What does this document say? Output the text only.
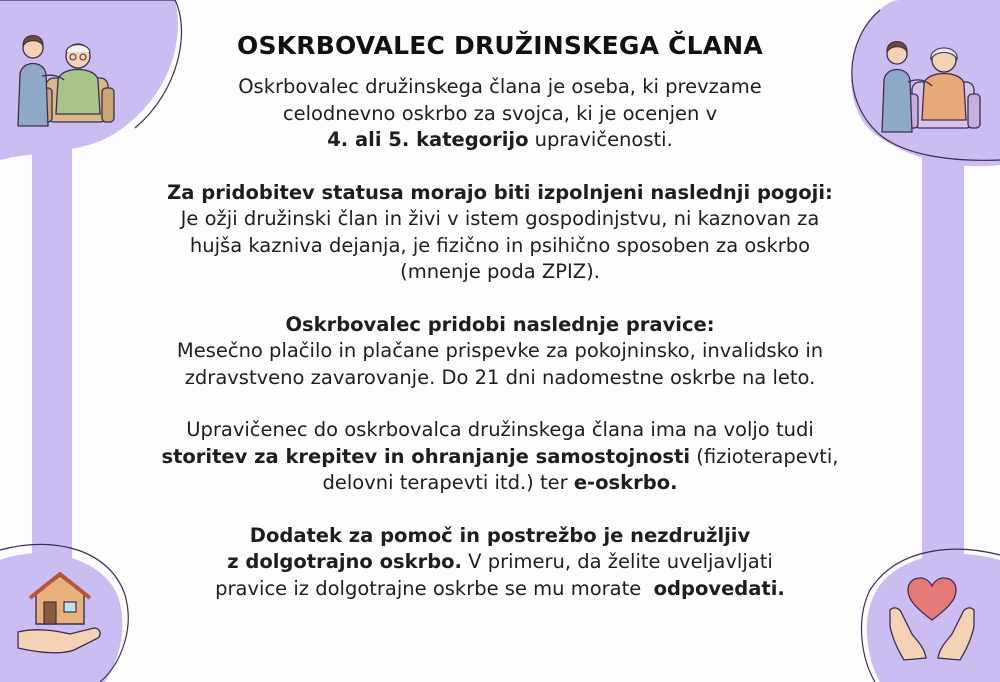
OSKRBOVALEC DRUŽINSKEGA ČLANA

Oskrbovalec družinskega člana je oseba, ki prevzame

celodnevno oskrbo za svojca, ki je ocenjen v

4. ali 5. kategorijo upravičenosti.

Za pridobitev statusa morajo biti izpolnjeni naslednji pogoji:

Je ožji družinski član in živi v istem gospodinjstvu, ni kaznovan za

hujša kazniva dejanja, je fizično in psihično sposoben za oskrbo

(mnenje poda ZPIZ).

Oskrbovalec pridobi naslednje pravice:

Mesečno plačilo in plačane prispevke za pokojninsko, invalidsko in

zdravstveno zavarovanje. Do 21 dni nadomestne oskrbe na leto.

Upravičenec do oskrbovalca družinskega člana ima na voljo tudi

storitev za krepitev in ohranjanje samostojnosti (fizioterapevti,

delovni terapevti itd.) ter e-oskrbo.

Dodatek za pomoč in postrežbo je nezdružljiv

z dolgotrajno oskrbo. V primeru, da želite uveljavljati

pravice iz dolgotrajne oskrbe se mu morate  odpovedati.
